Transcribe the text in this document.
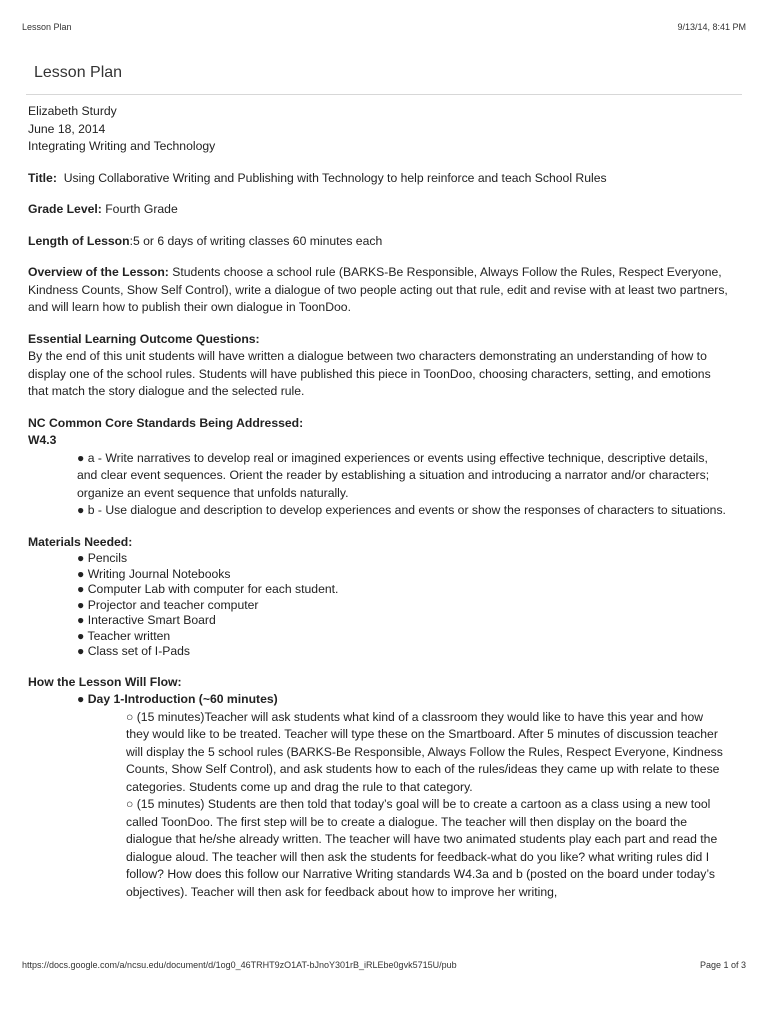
Lesson Plan	9/13/14, 8:41 PM
Lesson Plan

Elizabeth Sturdy

June 18, 2014

Integrating Writing and Technology

Title: Using Collaborative Writing and Publishing with Technology to help reinforce and teach School Rules

Grade Level: Fourth Grade

Length of Lesson:5 or 6 days of writing classes 60 minutes each

Overview of the Lesson: Students choose a school rule (BARKS-Be Responsible, Always Follow the Rules, Respect Everyone, Kindness Counts, Show Self Control), write a dialogue of two people acting out that rule, edit and revise with at least two partners, and will learn how to publish their own dialogue in ToonDoo.

Essential Learning Outcome Questions:

By the end of this unit students will have written a dialogue between two characters demonstrating an understanding of how to display one of the school rules. Students will have published this piece in ToonDoo, choosing characters, setting, and emotions that match the story dialogue and the selected rule.

NC Common Core Standards Being Addressed:

W4.3

● a - Write narratives to develop real or imagined experiences or events using effective technique, descriptive details, and clear event sequences. Orient the reader by establishing a situation and introducing a narrator and/or characters; organize an event sequence that unfolds naturally.
● b - Use dialogue and description to develop experiences and events or show the responses of characters to situations.

Materials Needed:

● Pencils
● Writing Journal Notebooks
● Computer Lab with computer for each student.
● Projector and teacher computer
● Interactive Smart Board
● Teacher written
● Class set of I-Pads

How the Lesson Will Flow:

● Day 1-Introduction (~60 minutes)
○ (15 minutes)Teacher will ask students what kind of a classroom they would like to have this year and how they would like to be treated. Teacher will type these on the Smartboard. After 5 minutes of discussion teacher will display the 5 school rules (BARKS-Be Responsible, Always Follow the Rules, Respect Everyone, Kindness Counts, Show Self Control), and ask students how to each of the rules/ideas they came up with relate to these categories. Students come up and drag the rule to that category.
○ (15 minutes) Students are then told that today’s goal will be to create a cartoon as a class using a new tool called ToonDoo. The first step will be to create a dialogue. The teacher will then display on the board the dialogue that he/she already written. The teacher will have two animated students play each part and read the dialogue aloud. The teacher will then ask the students for feedback-what do you like? what writing rules did I follow? How does this follow our Narrative Writing standards W4.3a and b (posted on the board under today’s objectives). Teacher will then ask for feedback about how to improve her writing,
https://docs.google.com/a/ncsu.edu/document/d/1og0_46TRHT9zO1AT-bJnoY301rB_iRLEbe0gvk5715U/pub	Page 1 of 3
